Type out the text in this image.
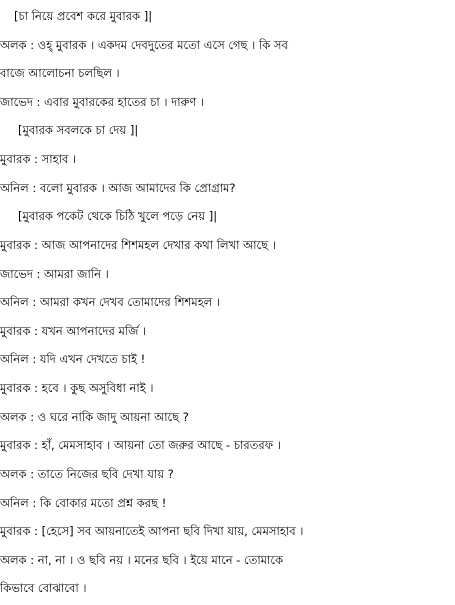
[চা নিয়ে প্রবেশ করে মুবারক ]|
অলক : ওহ্‌ মুবারক । একদম দেবদুতের মতো এসে গেছ । কি সব
বাজে আলোচনা চলছিল ।
জাভেদ : এবার মুবারকের হাতের চা । দারুণ ।
[মুবারক সবলকে চা দেয় ]|
মুবারক : সাহাব ।
অনিল : বলো মুবারক । আজ আমাদের কি প্রোগ্রাম?
[মুবারক পকেট থেকে চিঠি খুলে পড়ে নেয় ]|
মুবারক : আজ আপনাদের শিশমহল দেখার কথা লিখা আছে ।
জাভেদ : আমরা জানি ।
অনিল : আমরা কখন দেখব তোমাদের শিশমহল ।
মুবারক : যখন আপনাদের মর্জি ।
অনিল : যদি এখন দেখতে চাই !
মুবারক : হবে । কুছ অসুবিধা নাই ।
অলক : ও ঘরে নাকি জাদু আয়না আছে ?
মুবারক : হাঁ, মেমসাহাব । আয়না তো জরুর আছে - চারতরফ ।
অলক : তাতে নিজের ছবি দেখা যায় ?
অনিল : কি বোকার মতো প্রশ্ন করছ !
মুবারক : [হেসে] সব আয়নাতেই আপনা ছবি দিখা যায়, মেমসাহাব ।
অলক : না, না । ও ছবি নয় । মনের ছবি । ইয়ে মানে - তোমাকে
কিভাবে বোঝাবো ।
